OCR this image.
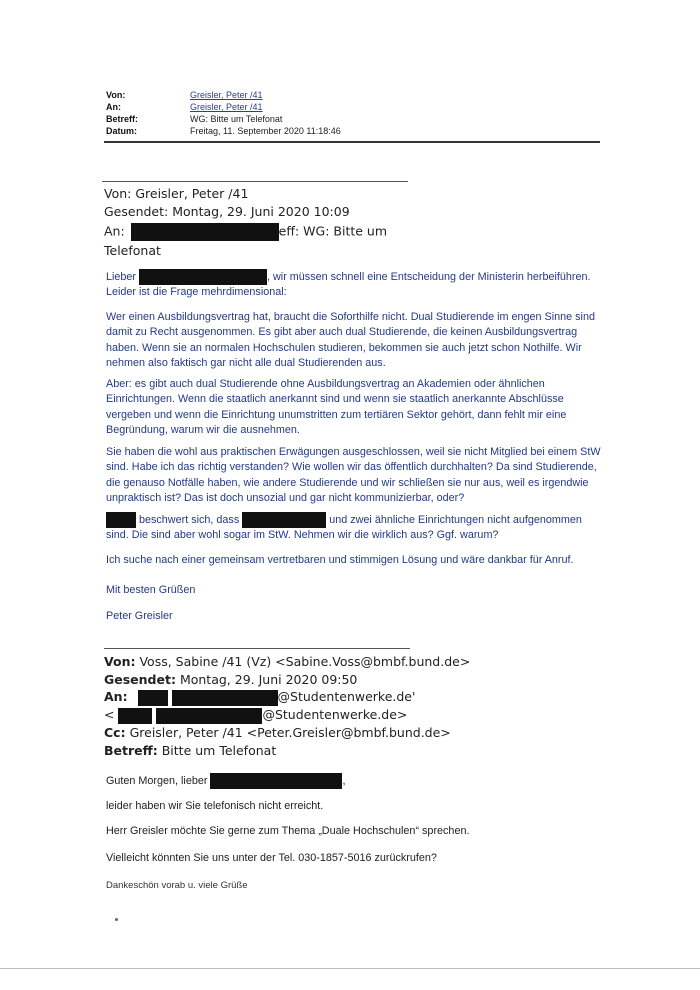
Von:	Greisler, Peter /41
An:	Greisler, Peter /41
Betreff:	WG: Bitte um Telefonat
Datum:	Freitag, 11. September 2020 11:18:46
Von: Greisler, Peter /41
Gesendet: Montag, 29. Juni 2020 10:09
An:	eff: WG: Bitte um
Telefonat
Lieber	, wir müssen schnell eine Entscheidung der Ministerin herbeiführen.
Leider ist die Frage mehrdimensional:
Wer einen Ausbildungsvertrag hat, braucht die Soforthilfe nicht. Dual Studierende im engen Sinne sind damit zu Recht ausgenommen. Es gibt aber auch dual Studierende, die keinen Ausbildungsvertrag haben. Wenn sie an normalen Hochschulen studieren, bekommen sie auch jetzt schon Nothilfe. Wir nehmen also faktisch gar nicht alle dual Studierenden aus.
Aber: es gibt auch dual Studierende ohne Ausbildungsvertrag an Akademien oder ähnlichen Einrichtungen. Wenn die staatlich anerkannt sind und wenn sie staatlich anerkannte Abschlüsse vergeben und wenn die Einrichtung unumstritten zum tertiären Sektor gehört, dann fehlt mir eine Begründung, warum wir die ausnehmen.
Sie haben die wohl aus praktischen Erwägungen ausgeschlossen, weil sie nicht Mitglied bei einem StW sind. Habe ich das richtig verstanden? Wie wollen wir das öffentlich durchhalten? Da sind Studierende, die genauso Notfälle haben, wie andere Studierende und wir schließen sie nur aus, weil es irgendwie unpraktisch ist? Das ist doch unsozial und gar nicht kommunizierbar, oder?
beschwert sich, dass	und zwei ähnliche Einrichtungen nicht aufgenommen
sind. Die sind aber wohl sogar im StW. Nehmen wir die wirklich aus? Ggf. warum?
Ich suche nach einer gemeinsam vertretbaren und stimmigen Lösung und wäre dankbar für Anruf.
Mit besten Grüßen
Peter Greisler
Von: Voss, Sabine /41 (Vz) <Sabine.Voss@bmbf.bund.de>
Gesendet: Montag, 29. Juni 2020 09:50
An:	@Studentenwerke.de'
<	@Studentenwerke.de>
Cc: Greisler, Peter /41 <Peter.Greisler@bmbf.bund.de>
Betreff: Bitte um Telefonat
Guten Morgen, lieber	,
leider haben wir Sie telefonisch nicht erreicht.
Herr Greisler möchte Sie gerne zum Thema „Duale Hochschulen“ sprechen.
Vielleicht könnten Sie uns unter der Tel. 030-1857-5016 zurückrufen?
Dankeschön vorab u. viele Grüße
